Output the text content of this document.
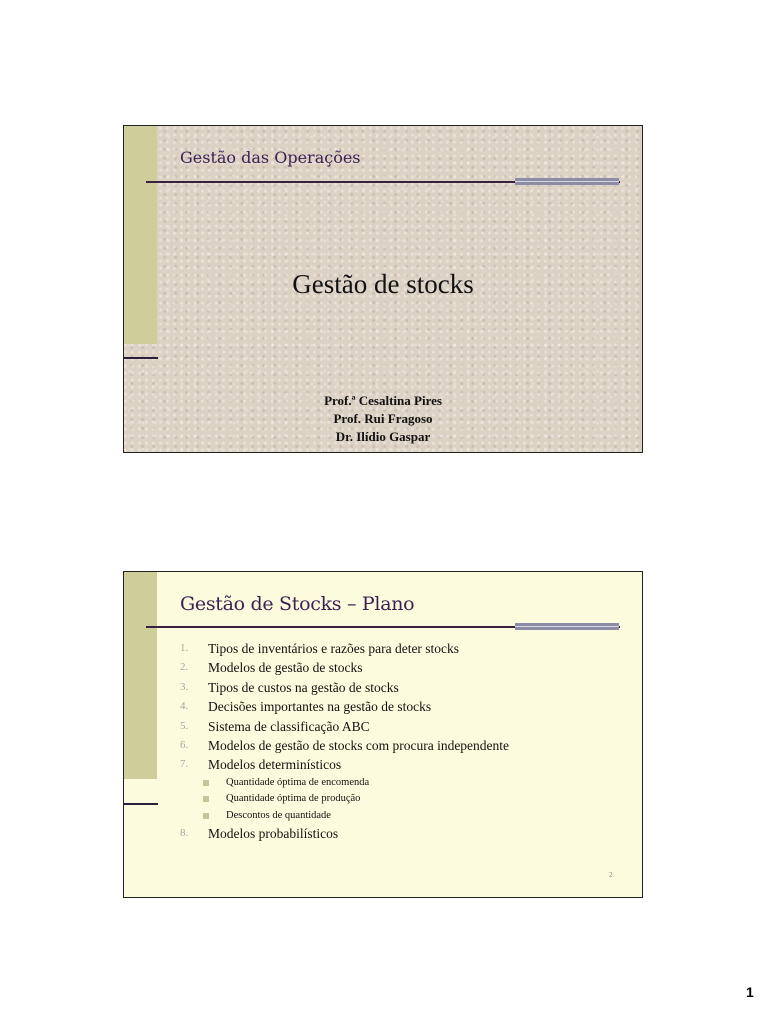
Gestão das Operações
Gestão de stocks
Prof.ª Cesaltina Pires
Prof. Rui Fragoso
Dr. Ilídio Gaspar
Gestão de Stocks – Plano
1.	Tipos de inventários e razões para deter stocks
2.	Modelos de gestão de stocks
3.	Tipos de custos na gestão de stocks
4.	Decisões importantes na gestão de stocks
5.	Sistema de classificação ABC
6.	Modelos de gestão de stocks com procura independente
7.	Modelos determinísticos
Quantidade óptima de encomenda
Quantidade óptima de produção
Descontos de quantidade
8.	Modelos probabilísticos
2
1
